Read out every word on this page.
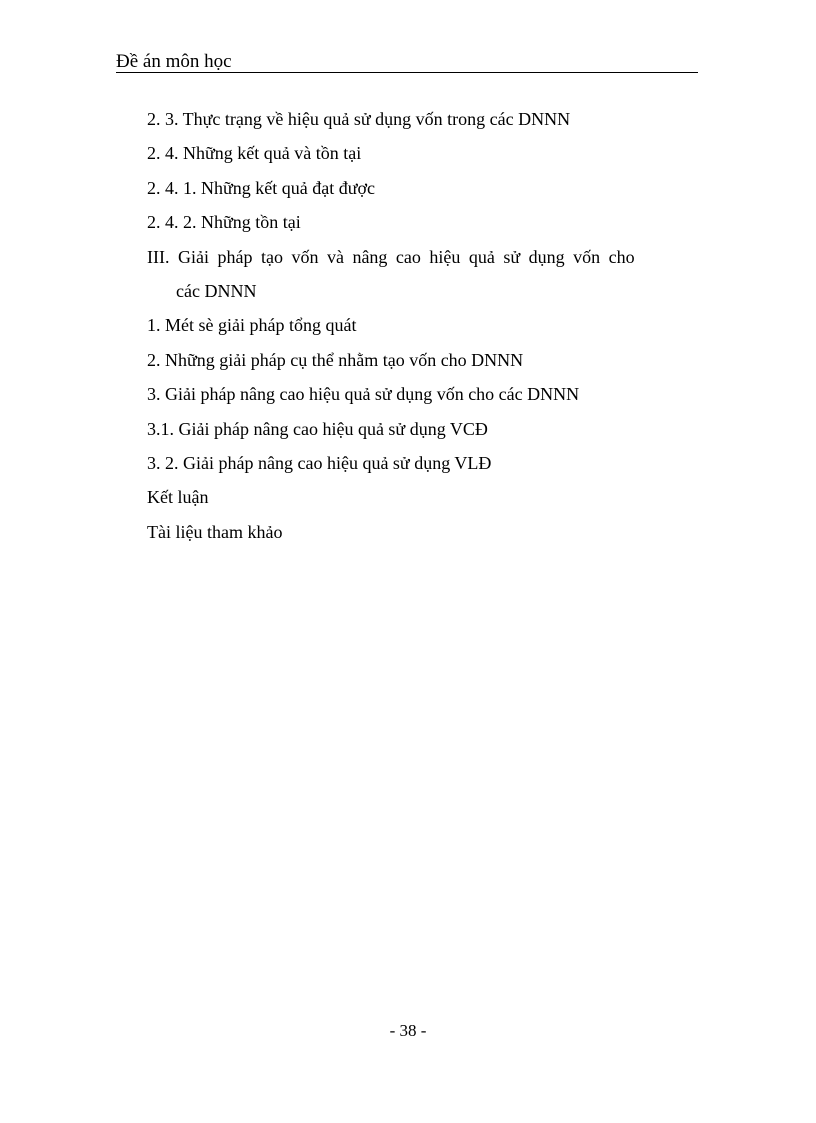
Đề án môn học
2. 3. Thực trạng về hiệu quả sử dụng vốn trong các DNNN
2. 4. Những kết quả và tồn tại
2. 4. 1. Những kết quả đạt được
2. 4. 2. Những tồn tại
III. Giải pháp tạo vốn và nâng cao hiệu quả sử dụng vốn cho
các DNNN
1. Mét sè giải pháp tổng quát
2. Những giải pháp cụ thể nhằm tạo vốn cho DNNN
3. Giải pháp nâng cao hiệu quả sử dụng vốn cho các DNNN
3.1. Giải pháp nâng cao hiệu quả sử dụng VCĐ
3. 2. Giải pháp nâng cao hiệu quả sử dụng VLĐ
Kết luận
Tài liệu tham khảo
- 38 -
